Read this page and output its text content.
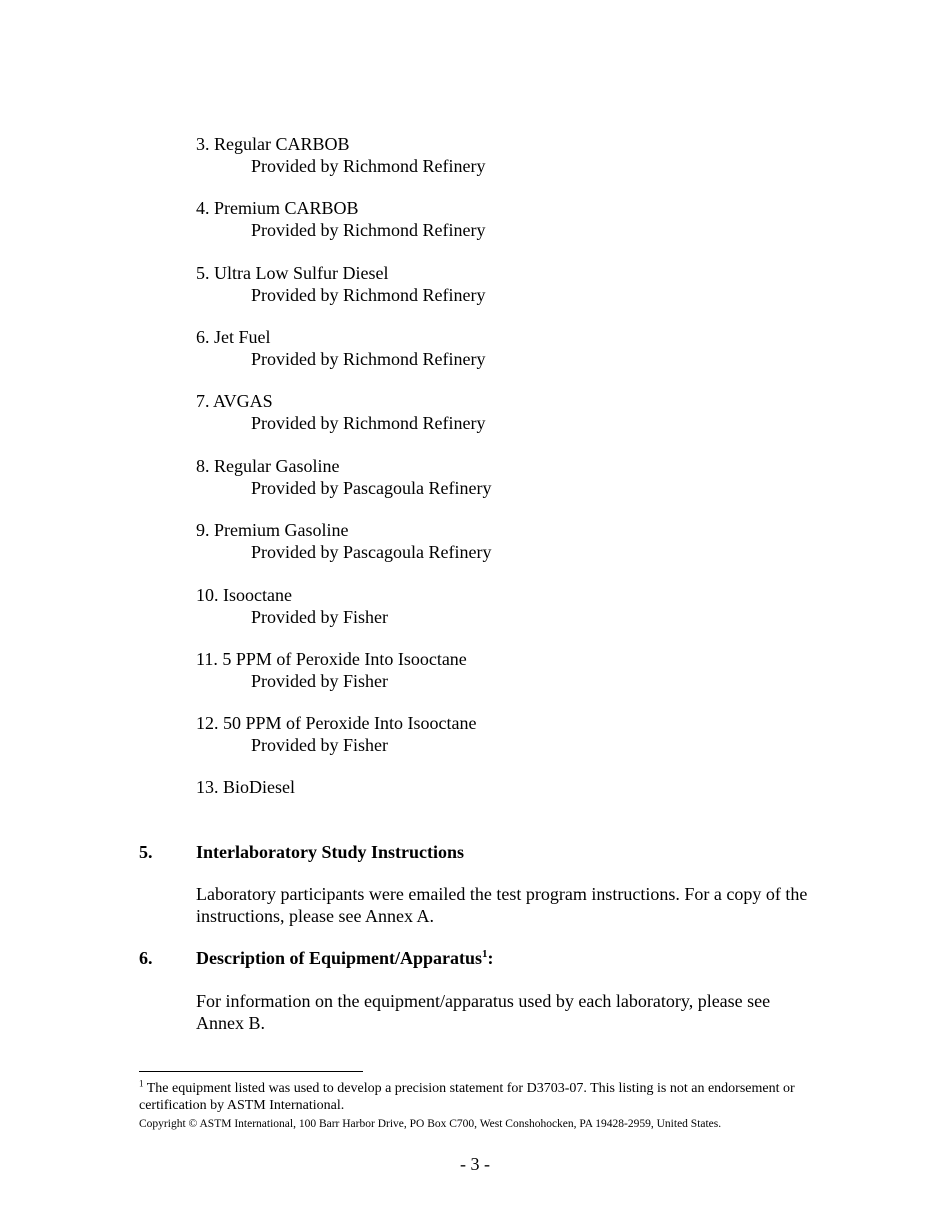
3. Regular CARBOB
Provided by Richmond Refinery
4. Premium CARBOB
Provided by Richmond Refinery
5. Ultra Low Sulfur Diesel
Provided by Richmond Refinery
6. Jet Fuel
Provided by Richmond Refinery
7. AVGAS
Provided by Richmond Refinery
8. Regular Gasoline
Provided by Pascagoula Refinery
9. Premium Gasoline
Provided by Pascagoula Refinery
10. Isooctane
Provided by Fisher
11. 5 PPM of Peroxide Into Isooctane
Provided by Fisher
12. 50 PPM of Peroxide Into Isooctane
Provided by Fisher
13. BioDiesel
5. Interlaboratory Study Instructions
Laboratory participants were emailed the test program instructions. For a copy of the instructions, please see Annex A.
6. Description of Equipment/Apparatus$^1$:
For information on the equipment/apparatus used by each laboratory, please see Annex B.
$^1$ The equipment listed was used to develop a precision statement for D3703-07. This listing is not an endorsement or certification by ASTM International.
Copyright © ASTM International, 100 Barr Harbor Drive, PO Box C700, West Conshohocken, PA 19428-2959, United States.
- 3 -
